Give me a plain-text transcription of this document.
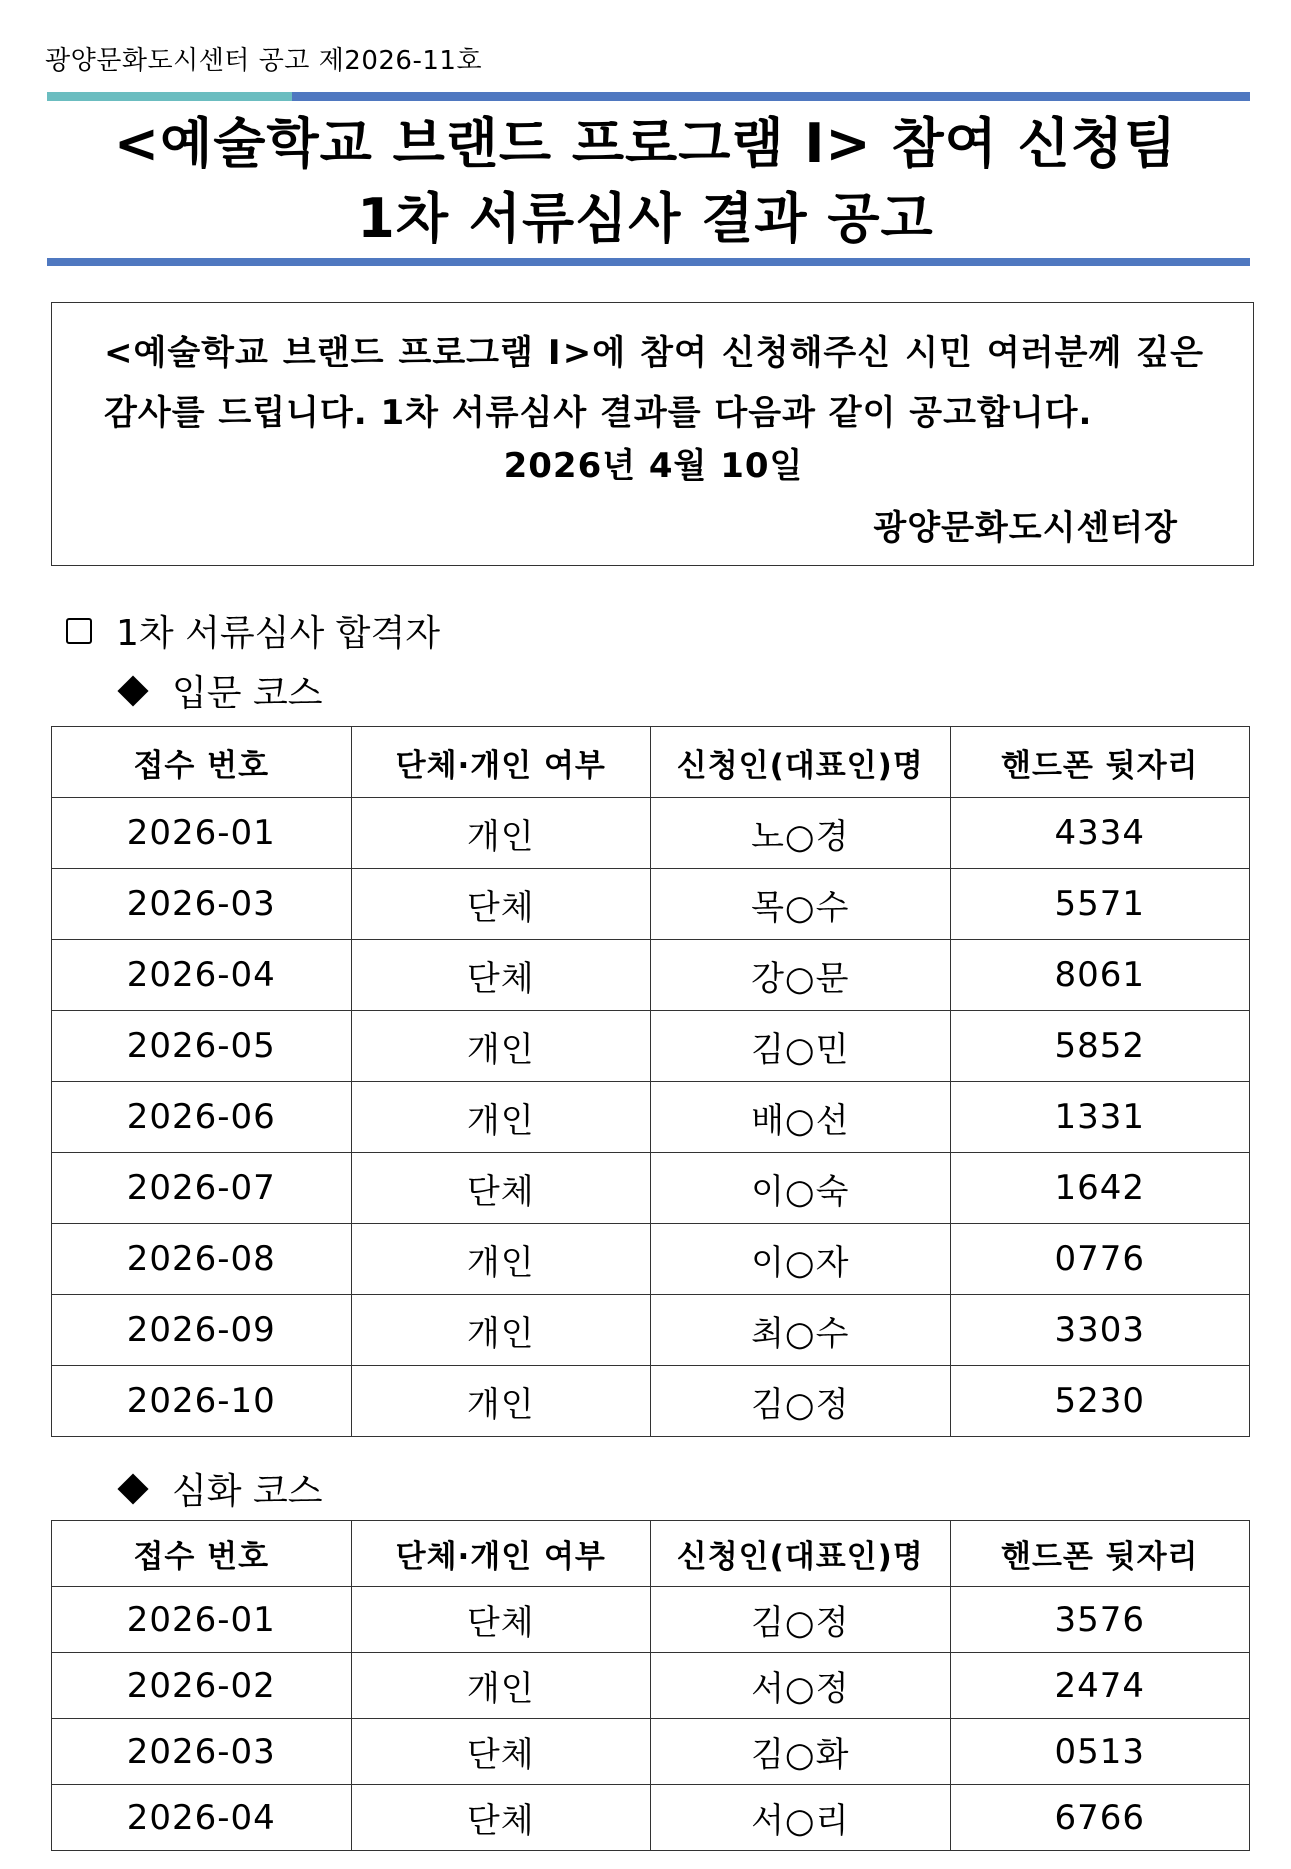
광양문화도시센터 공고 제2026-11호
<예술학교 브랜드 프로그램 Ⅰ> 참여 신청팀
1차 서류심사 결과 공고
<예술학교 브랜드 프로그램 Ⅰ>에 참여 신청해주신 시민 여러분께 깊은 감사를 드립니다. 1차 서류심사 결과를 다음과 같이 공고합니다.
2026년 4월 10일
광양문화도시센터장
1차 서류심사 합격자
입문 코스
접수 번호	단체·개인 여부	신청인(대표인)명	핸드폰 뒷자리
2026-01	개인	노○경	4334
2026-03	단체	목○수	5571
2026-04	단체	강○문	8061
2026-05	개인	김○민	5852
2026-06	개인	배○선	1331
2026-07	단체	이○숙	1642
2026-08	개인	이○자	0776
2026-09	개인	최○수	3303
2026-10	개인	김○정	5230
심화 코스
접수 번호	단체·개인 여부	신청인(대표인)명	핸드폰 뒷자리
2026-01	단체	김○정	3576
2026-02	개인	서○정	2474
2026-03	단체	김○화	0513
2026-04	단체	서○리	6766
